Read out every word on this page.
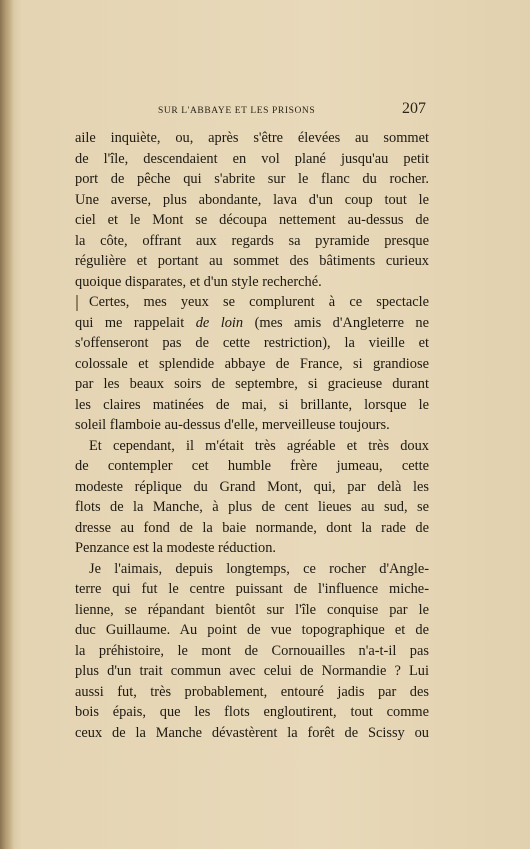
SUR L'ABBAYE ET LES PRISONS	207
aile inquiète, ou, après s'être élevées au sommet
de l'île, descendaient en vol plané jusqu'au petit
port de pêche qui s'abrite sur le flanc du rocher.
Une averse, plus abondante, lava d'un coup tout le
ciel et le Mont se découpa nettement au-dessus de
la côte, offrant aux regards sa pyramide presque
régulière et portant au sommet des bâtiments curieux
quoique disparates, et d'un style recherché.
Certes, mes yeux se complurent à ce spectacle
qui me rappelait de loin (mes amis d'Angleterre ne
s'offenseront pas de cette restriction), la vieille et
colossale et splendide abbaye de France, si grandiose
par les beaux soirs de septembre, si gracieuse durant
les claires matinées de mai, si brillante, lorsque le
soleil flamboie au-dessus d'elle, merveilleuse toujours.
Et cependant, il m'était très agréable et très doux
de contempler cet humble frère jumeau, cette
modeste réplique du Grand Mont, qui, par delà les
flots de la Manche, à plus de cent lieues au sud, se
dresse au fond de la baie normande, dont la rade de
Penzance est la modeste réduction.
Je l'aimais, depuis longtemps, ce rocher d'Angle-
terre qui fut le centre puissant de l'influence miche-
lienne, se répandant bientôt sur l'île conquise par le
duc Guillaume. Au point de vue topographique et de
la préhistoire, le mont de Cornouailles n'a-t-il pas
plus d'un trait commun avec celui de Normandie ? Lui
aussi fut, très probablement, entouré jadis par des
bois épais, que les flots engloutirent, tout comme
ceux de la Manche dévastèrent la forêt de Scissy ou
